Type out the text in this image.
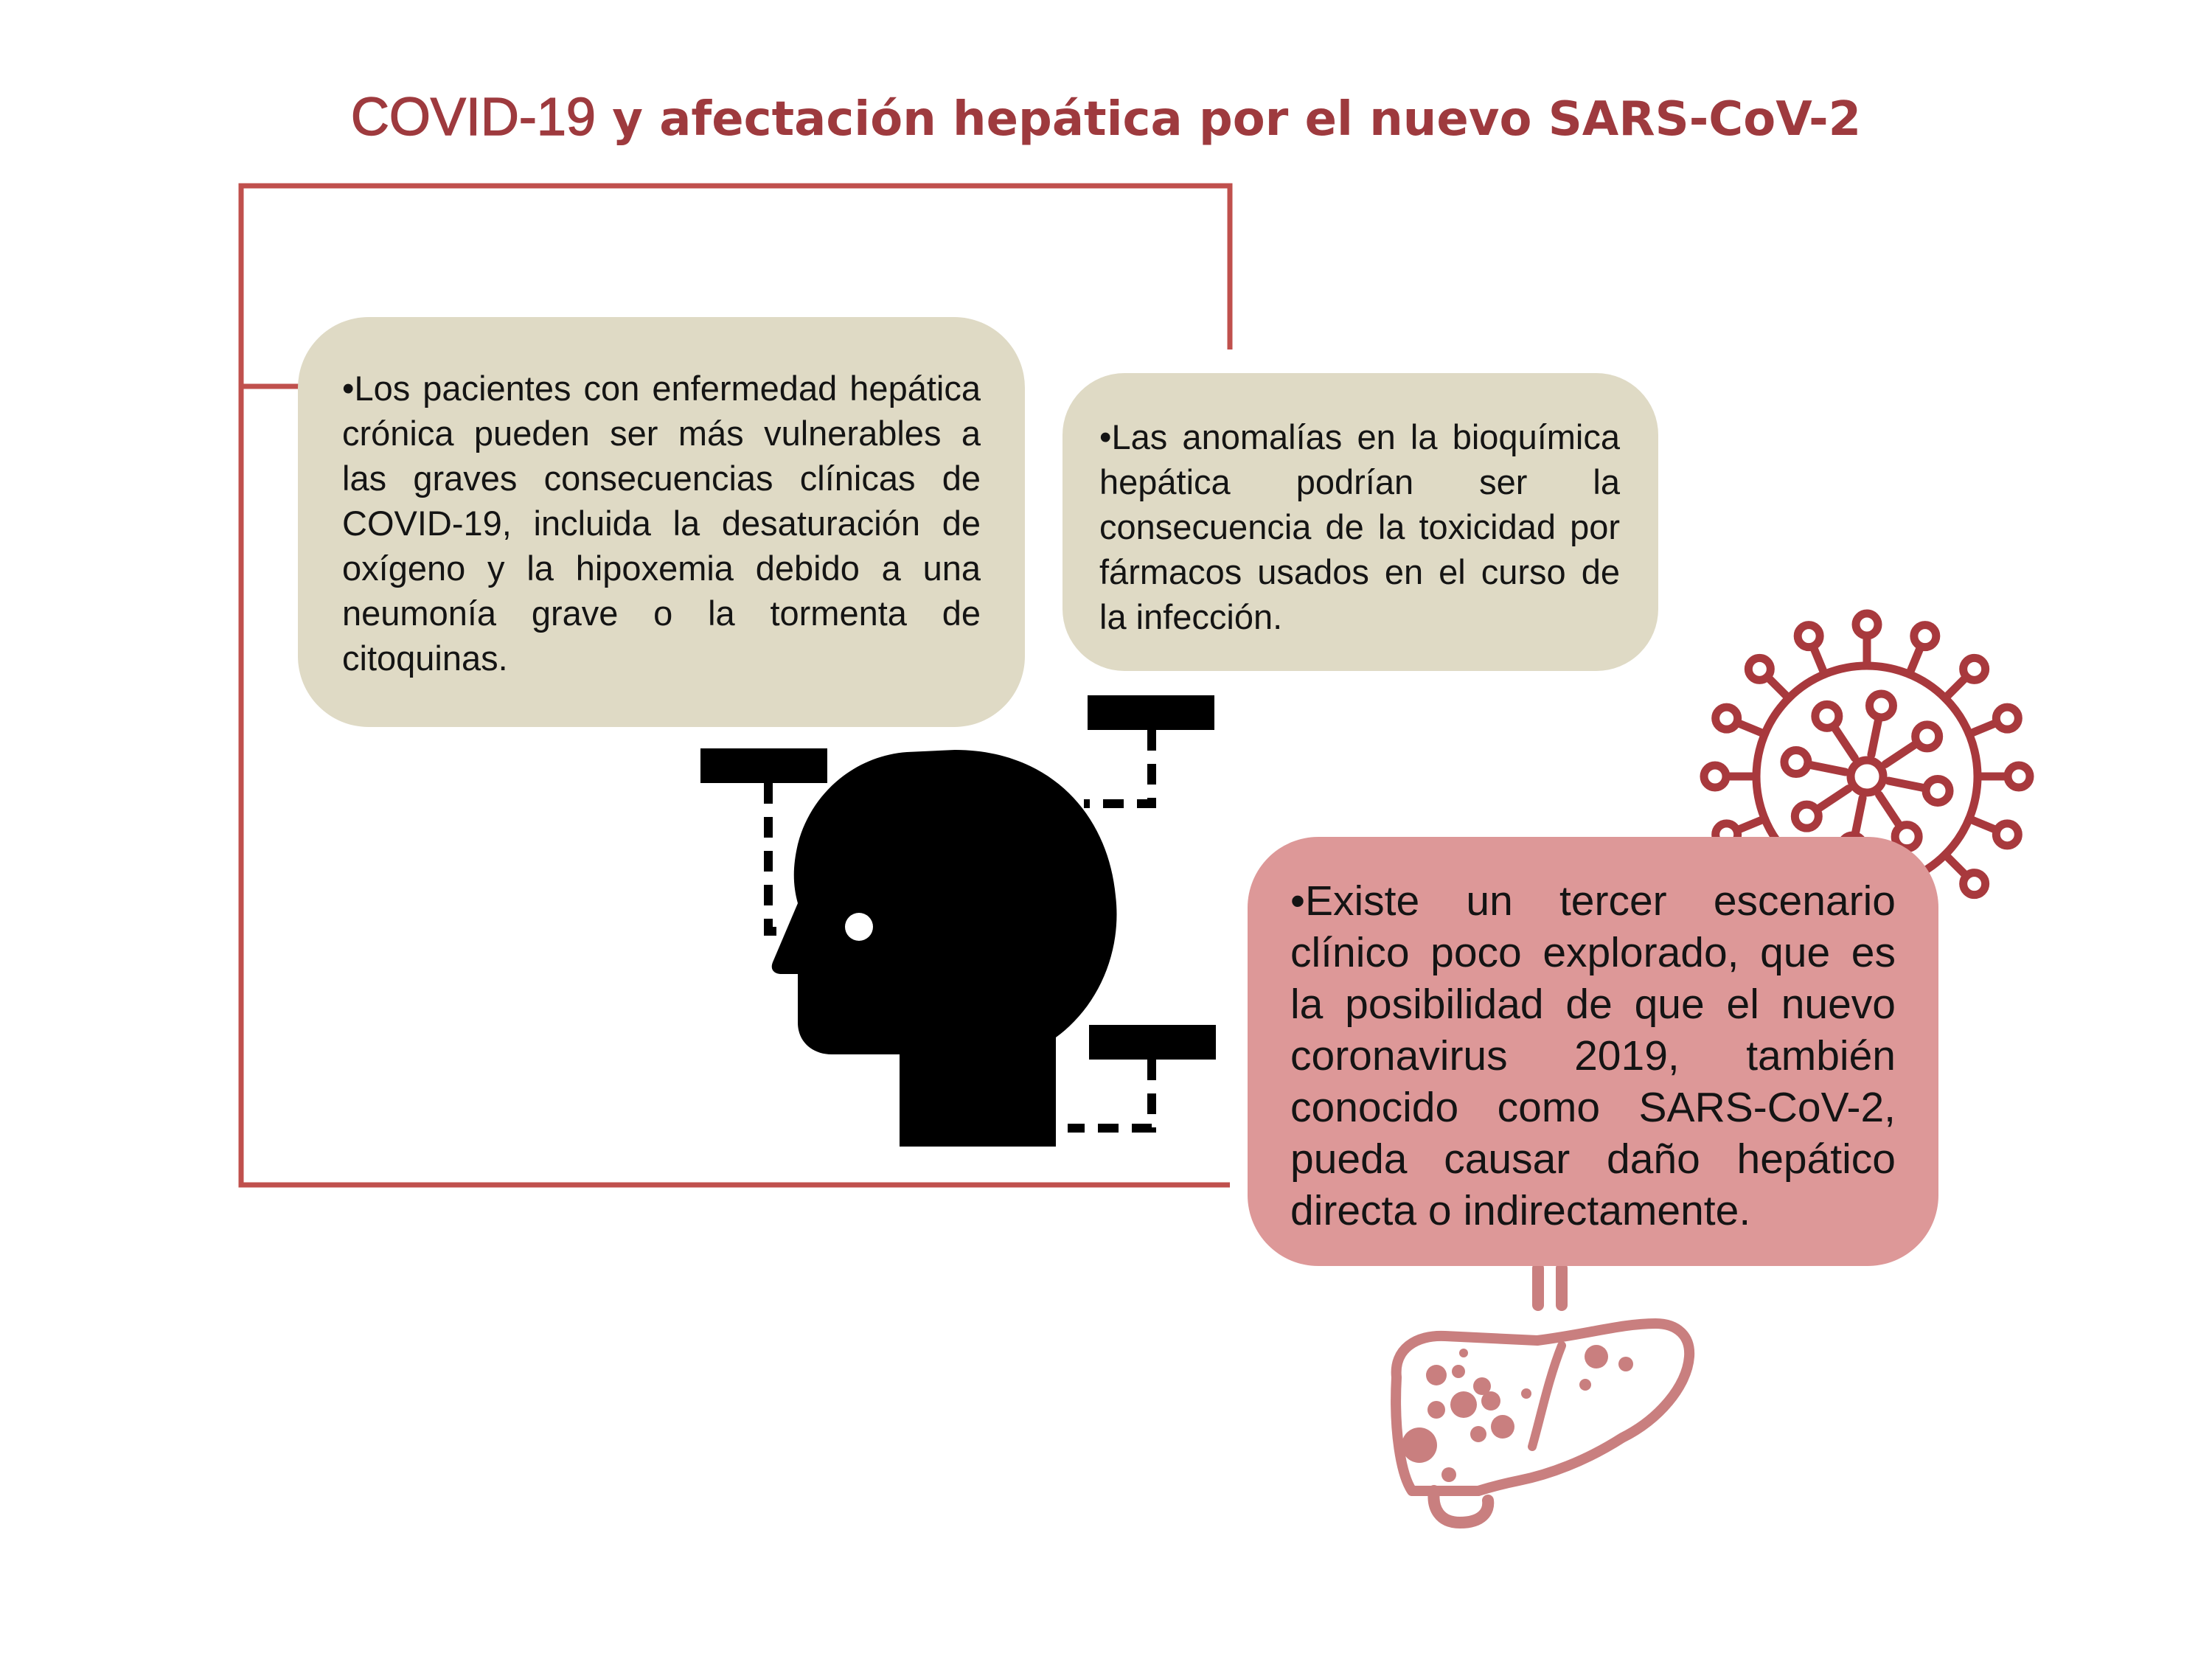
COVID-19 y afectación hepática por el nuevo SARS-CoV-2
•Los pacientes con enfermedad hepática crónica pueden ser más vulnerables a las graves consecuencias clínicas de COVID-19, incluida la desaturación de oxígeno y la hipoxemia debido a una neumonía grave o la tormenta de citoquinas.
•Las anomalías en la bioquímica hepática podrían ser la consecuencia de la toxicidad por fármacos usados en el curso de la infección.
•Existe un tercer escenario clínico poco explorado, que es la posibilidad de que el nuevo coronavirus 2019, también conocido como SARS-CoV-2, pueda causar daño hepático directa o indirectamente.
